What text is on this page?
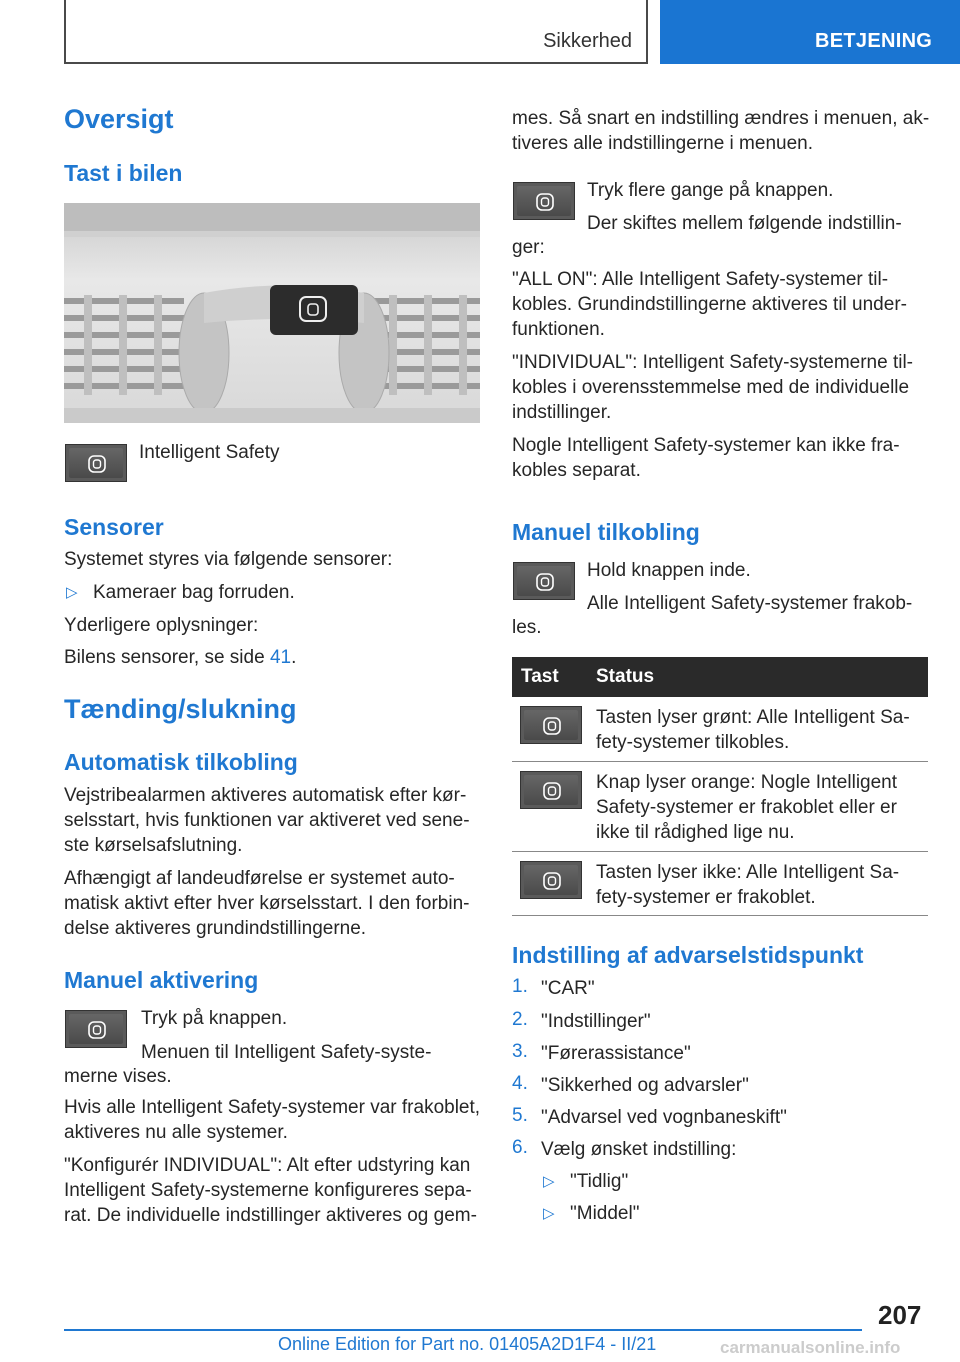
Sikkerhed	BETJENING
Oversigt
Tast i bilen

Intelligent Safety

Sensorer

Systemet styres via følgende sensorer:

▷ Kameraer bag forruden.

Yderligere oplysninger:

Bilens sensorer, se side 41.

Tænding/slukning
Automatisk tilkobling

Vejstribealarmen aktiveres automatisk efter kør-
selsstart, hvis funktionen var aktiveret ved sene-
ste kørselsafslutning.

Afhængigt af landeudførelse er systemet auto-
matisk aktivt efter hver kørselsstart. I den forbin-
delse aktiveres grundindstillingerne.

Manuel aktivering

Tryk på knappen.

Menuen til Intelligent Safety-syste-

merne vises.

Hvis alle Intelligent Safety-systemer var frakoblet,
aktiveres nu alle systemer.

"Konfigurér INDIVIDUAL": Alt efter udstyring kan
Intelligent Safety-systemerne konfigureres sepa-
rat. De individuelle indstillinger aktiveres og gem-

mes. Så snart en indstilling ændres i menuen, ak-
tiveres alle indstillingerne i menuen.

Tryk flere gange på knappen.

Der skiftes mellem følgende indstillin-

ger:

"ALL ON": Alle Intelligent Safety-systemer til-
kobles. Grundindstillingerne aktiveres til under-
funktionen.

"INDIVIDUAL": Intelligent Safety-systemerne til-
kobles i overensstemmelse med de individuelle
indstillinger.

Nogle Intelligent Safety-systemer kan ikke fra-
kobles separat.

Manuel tilkobling

Hold knappen inde.

Alle Intelligent Safety-systemer frakob-

les.

Tast Status

Tasten lyser grønt: Alle Intelligent Sa-
fety-systemer tilkobles.

Knap lyser orange: Nogle Intelligent
Safety-systemer er frakoblet eller er
ikke til rådighed lige nu.

Tasten lyser ikke: Alle Intelligent Sa-
fety-systemer er frakoblet.

Indstilling af advarselstidspunkt
1. "CAR"

2. "Indstillinger"

3. "Førerassistance"

4. "Sikkerhed og advarsler"

5. "Advarsel ved vognbaneskift"

6. Vælg ønsket indstilling:

▷ "Tidlig"

▷ "Middel"

207
Online Edition for Part no. 01405A2D1F4 - II/21	carmanualsonline.info
